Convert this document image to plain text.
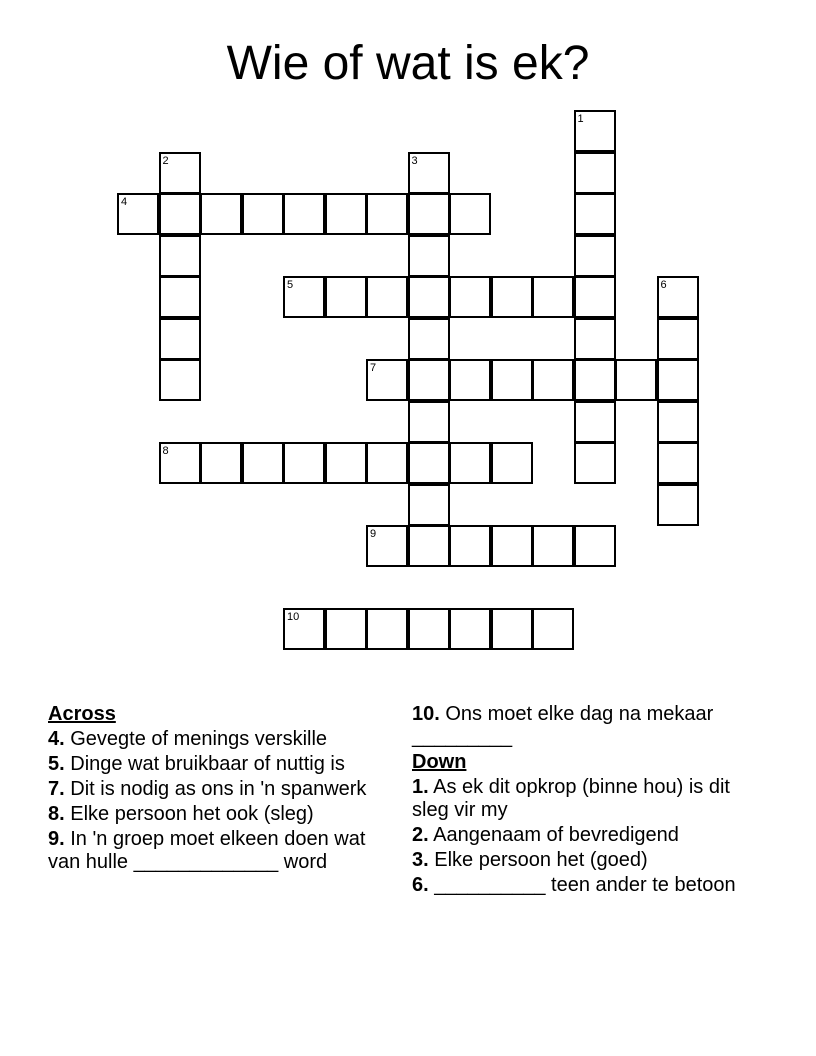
Wie of wat is ek?
1
2	3
4
5	6
7
8
9
10
Across
4. Gevegte of menings verskille
5. Dinge wat bruikbaar of nuttig is
7. Dit is nodig as ons in 'n spanwerk
8. Elke persoon het ook (sleg)
9. In 'n groep moet elkeen doen wat van hulle _____________ word
10. Ons moet elke dag na mekaar _________
Down
1. As ek dit opkrop (binne hou) is dit sleg vir my
2. Aangenaam of bevredigend
3. Elke persoon het (goed)
6. __________ teen ander te betoon
